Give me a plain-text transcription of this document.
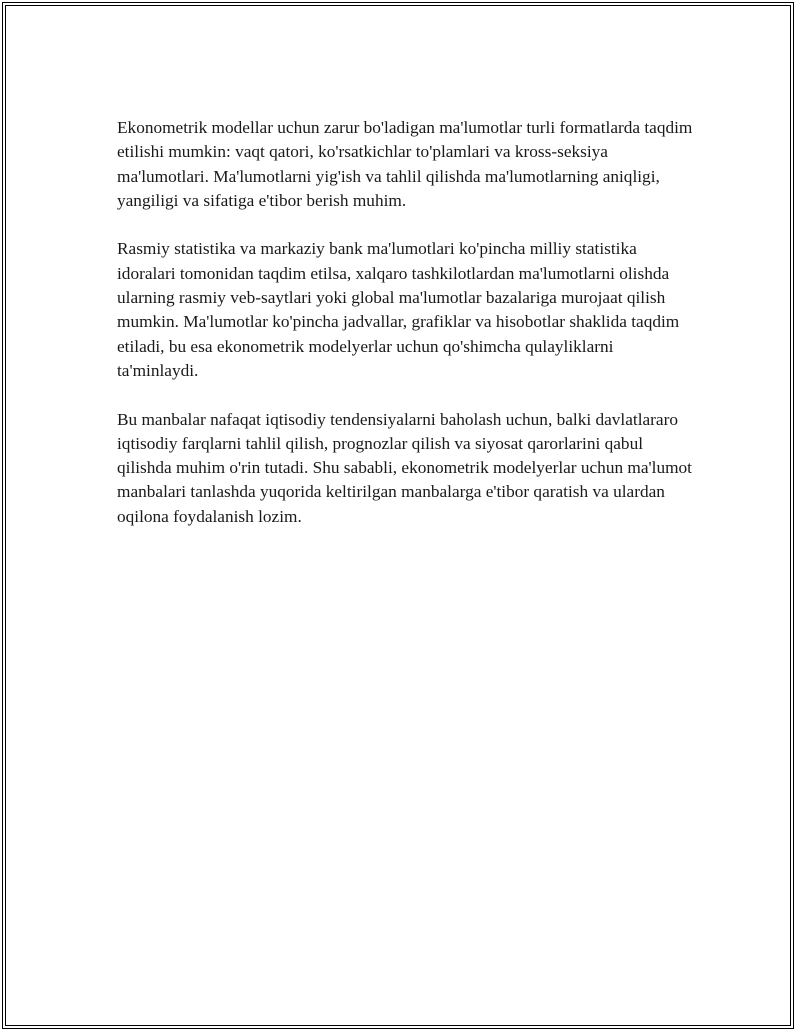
Ekonometrik modellar uchun zarur bo'ladigan ma'lumotlar turli formatlarda taqdim etilishi mumkin: vaqt qatori, ko'rsatkichlar to'plamlari va kross-seksiya ma'lumotlari. Ma'lumotlarni yig'ish va tahlil qilishda ma'lumotlarning aniqligi, yangiligi va sifatiga e'tibor berish muhim.

Rasmiy statistika va markaziy bank ma'lumotlari ko'pincha milliy statistika idoralari tomonidan taqdim etilsa, xalqaro tashkilotlardan ma'lumotlarni olishda ularning rasmiy veb-saytlari yoki global ma'lumotlar bazalariga murojaat qilish mumkin. Ma'lumotlar ko'pincha jadvallar, grafiklar va hisobotlar shaklida taqdim etiladi, bu esa ekonometrik modelyerlar uchun qo'shimcha qulayliklarni ta'minlaydi.

Bu manbalar nafaqat iqtisodiy tendensiyalarni baholash uchun, balki davlatlararo iqtisodiy farqlarni tahlil qilish, prognozlar qilish va siyosat qarorlarini qabul qilishda muhim o'rin tutadi. Shu sababli, ekonometrik modelyerlar uchun ma'lumot manbalari tanlashda yuqorida keltirilgan manbalarga e'tibor qaratish va ulardan oqilona foydalanish lozim.
